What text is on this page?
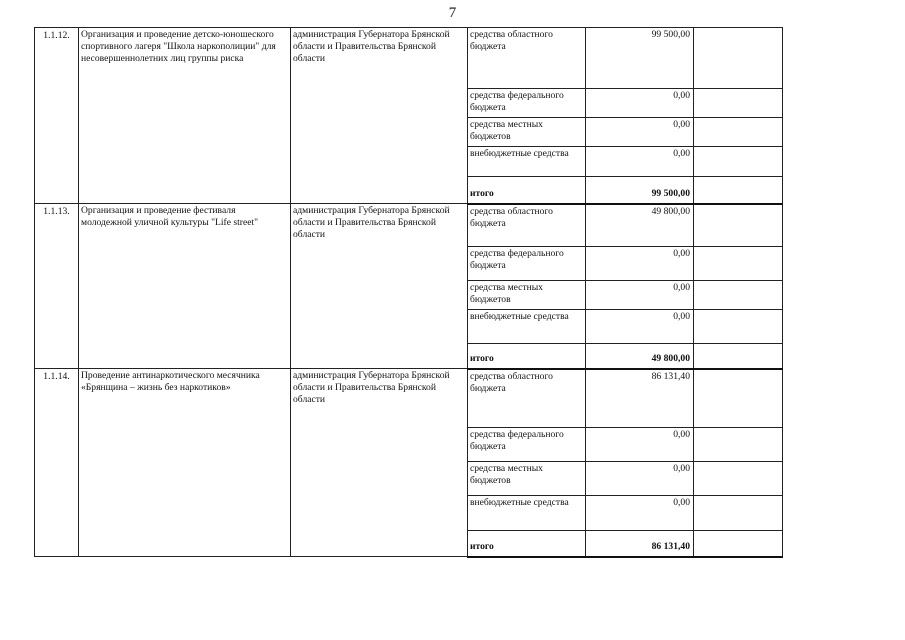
7
1.1.12.	Организация и проведение детско-юношеского спортивного лагеря "Школа наркополиции" для несовершеннолетних лиц группы риска	администрация Губернатора Брянской области и Правительства Брянской области	средства областного бюджета	99 500,00	
			средства федерального бюджета	0,00	
			средства местных бюджетов	0,00	
			внебюджетные средства	0,00	
			итого	99 500,00	
1.1.13.	Организация и проведение фестиваля молодежной уличной культуры "Life street"	администрация Губернатора Брянской области и Правительства Брянской области	средства областного бюджета	49 800,00	
			средства федерального бюджета	0,00	
			средства местных бюджетов	0,00	
			внебюджетные средства	0,00	
			итого	49 800,00	
1.1.14.	Проведение антинаркотического месячника «Брянщина – жизнь без наркотиков»	администрация Губернатора Брянской области и Правительства Брянской области	средства областного бюджета	86 131,40	
			средства федерального бюджета	0,00	
			средства местных бюджетов	0,00	
			внебюджетные средства	0,00	
			итого	86 131,40	
